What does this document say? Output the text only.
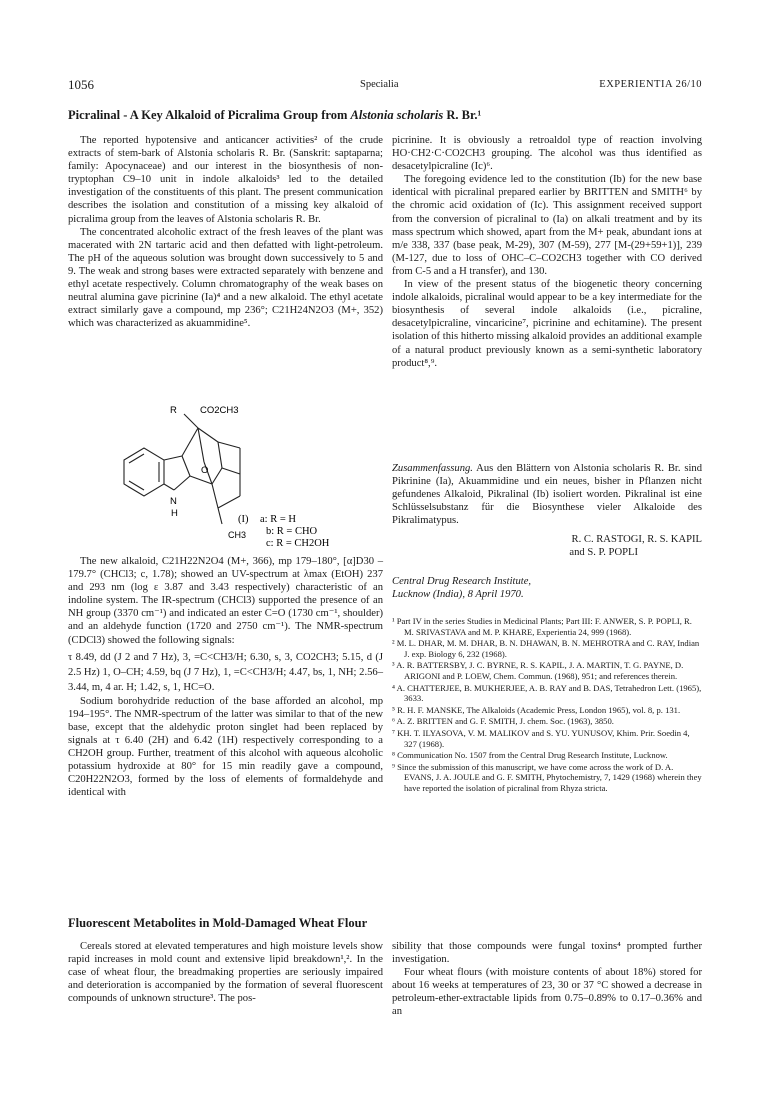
1056	Specialia	EXPERIENTIA 26/10
Picralinal - A Key Alkaloid of Picralima Group from Alstonia scholaris R. Br.¹

The reported hypotensive and anticancer activities² of the crude extracts of stem-bark of Alstonia scholaris R. Br. (Sanskrit: saptaparna; family: Apocynaceae) and our interest in the biosynthesis of non-tryptophan C9–10 unit in indole alkaloids³ led to the detailed investigation of the constituents of this plant. The present communication describes the isolation and constitution of a missing key alkaloid of picralima group from the leaves of Alstonia scholaris R. Br.

The concentrated alcoholic extract of the fresh leaves of the plant was macerated with 2N tartaric acid and then defatted with light-petroleum. The pH of the aqueous solution was brought down successively to 5 and 9. The weak and strong bases were extracted separately with benzene and ethyl acetate respectively. Column chromatography of the weak bases on neutral alumina gave picrinine (Ia)⁴ and a new alkaloid. The ethyl acetate extract similarly gave a compound, mp 236°; C21H24N2O3 (M+, 352) which was characterized as akuammidine⁵.

R CO2CH3
N
H
O
CH3
(I) a: R = H
b: R = CHO
c: R = CH2OH

The new alkaloid, C21H22N2O4 (M+, 366), mp 179–180°, [α]D30 – 179.7° (CHCl3; c, 1.78); showed an UV-spectrum at λmax (EtOH) 237 and 293 nm (log ε 3.87 and 3.43 respectively) characteristic of an indoline system. The IR-spectrum (CHCl3) supported the presence of an NH group (3370 cm⁻¹) and indicated an ester C=O (1730 cm⁻¹, shoulder) and an aldehyde function (1720 and 2750 cm⁻¹). The NMR-spectrum (CDCl3) showed the following signals:

τ 8.49, dd (J 2 and 7 Hz), 3, =C<CH3/H; 6.30, s, 3, CO2CH3; 5.15, d (J 2.5 Hz) 1, O–CH; 4.59, bq (J 7 Hz), 1, =C<CH3/H; 4.47, bs, 1, NH; 2.56–3.44, m, 4 ar. H; 1.42, s, 1, HC=O.

Sodium borohydride reduction of the base afforded an alcohol, mp 194–195°. The NMR-spectrum of the latter was similar to that of the new base, except that the aldehydic proton singlet had been replaced by signals at τ 6.40 (2H) and 6.42 (1H) respectively corresponding to a CH2OH group. Further, treatment of this alcohol with aqueous alcoholic potassium hydroxide at 80° for 15 min readily gave a compound, C20H22N2O3, formed by the loss of elements of formaldehyde and identical with

picrinine. It is obviously a retroaldol type of reaction involving HO·CH2·C·CO2CH3 grouping. The alcohol was thus identified as desacetylpicraline (Ic)⁶.

The foregoing evidence led to the constitution (Ib) for the new base identical with picralinal prepared earlier by BRITTEN and SMITH⁶ by the chromic acid oxidation of (Ic). This assignment received support from the conversion of picralinal to (Ia) on alkali treatment and by its mass spectrum which showed, apart from the M+ peak, abundant ions at m/e 338, 337 (base peak, M-29), 307 (M-59), 277 [M-(29+59+1)], 239 (M-127, due to loss of OHC–C–CO2CH3 together with CO derived from C-5 and a H transfer), and 130.

In view of the present status of the biogenetic theory concerning indole alkaloids, picralinal would appear to be a key intermediate for the biosynthesis of several indole alkaloids (i.e., picraline, desacetylpicraline, vincaricine⁷, picrinine and echitamine). The present isolation of this hitherto missing alkaloid provides an additional example of a natural product previously known as a semi-synthetic laboratory product⁸,⁹.

Zusammenfassung. Aus den Blättern von Alstonia scholaris R. Br. sind Pikrinine (Ia), Akuammidine und ein neues, bisher in Pflanzen nicht gefundenes Alkaloid, Pikralinal (Ib) isoliert worden. Pikralinal ist eine Schlüsselsubstanz für die Biosynthese vieler Alkaloide des Pikralimatypus.
R. C. RASTOGI, R. S. KAPIL
and S. P. POPLI
Central Drug Research Institute,
Lucknow (India), 8 April 1970.
¹ Part IV in the series Studies in Medicinal Plants; Part III: F. ANWER, S. P. POPLI, R. M. SRIVASTAVA and M. P. KHARE, Experientia 24, 999 (1968).
² M. L. DHAR, M. M. DHAR, B. N. DHAWAN, B. N. MEHROTRA and C. RAY, Indian J. exp. Biology 6, 232 (1968).
³ A. R. BATTERSBY, J. C. BYRNE, R. S. KAPIL, J. A. MARTIN, T. G. PAYNE, D. ARIGONI and P. LOEW, Chem. Commun. (1968), 951; and references therein.
⁴ A. CHATTERJEE, B. MUKHERJEE, A. B. RAY and B. DAS, Tetrahedron Lett. (1965), 3633.
⁵ R. H. F. MANSKE, The Alkaloids (Academic Press, London 1965), vol. 8, p. 131.
⁶ A. Z. BRITTEN and G. F. SMITH, J. chem. Soc. (1963), 3850.
⁷ KH. T. ILYASOVA, V. M. MALIKOV and S. YU. YUNUSOV, Khim. Prir. Soedin 4, 327 (1968).
⁸ Communication No. 1507 from the Central Drug Research Institute, Lucknow.
⁹ Since the submission of this manuscript, we have come across the work of D. A. EVANS, J. A. JOULE and G. F. SMITH, Phytochemistry, 7, 1429 (1968) wherein they have reported the isolation of picralinal from Rhyza stricta.
Fluorescent Metabolites in Mold-Damaged Wheat Flour

Cereals stored at elevated temperatures and high moisture levels show rapid increases in mold count and extensive lipid breakdown¹,². In the case of wheat flour, the breadmaking properties are seriously impaired and deterioration is accompanied by the formation of several fluorescent compounds of unknown structure³. The pos-

sibility that those compounds were fungal toxins⁴ prompted further investigation.

Four wheat flours (with moisture contents of about 18%) stored for about 16 weeks at temperatures of 23, 30 or 37 °C showed a decrease in petroleum-ether-extractable lipids from 0.75–0.89% to 0.17–0.36% and an
